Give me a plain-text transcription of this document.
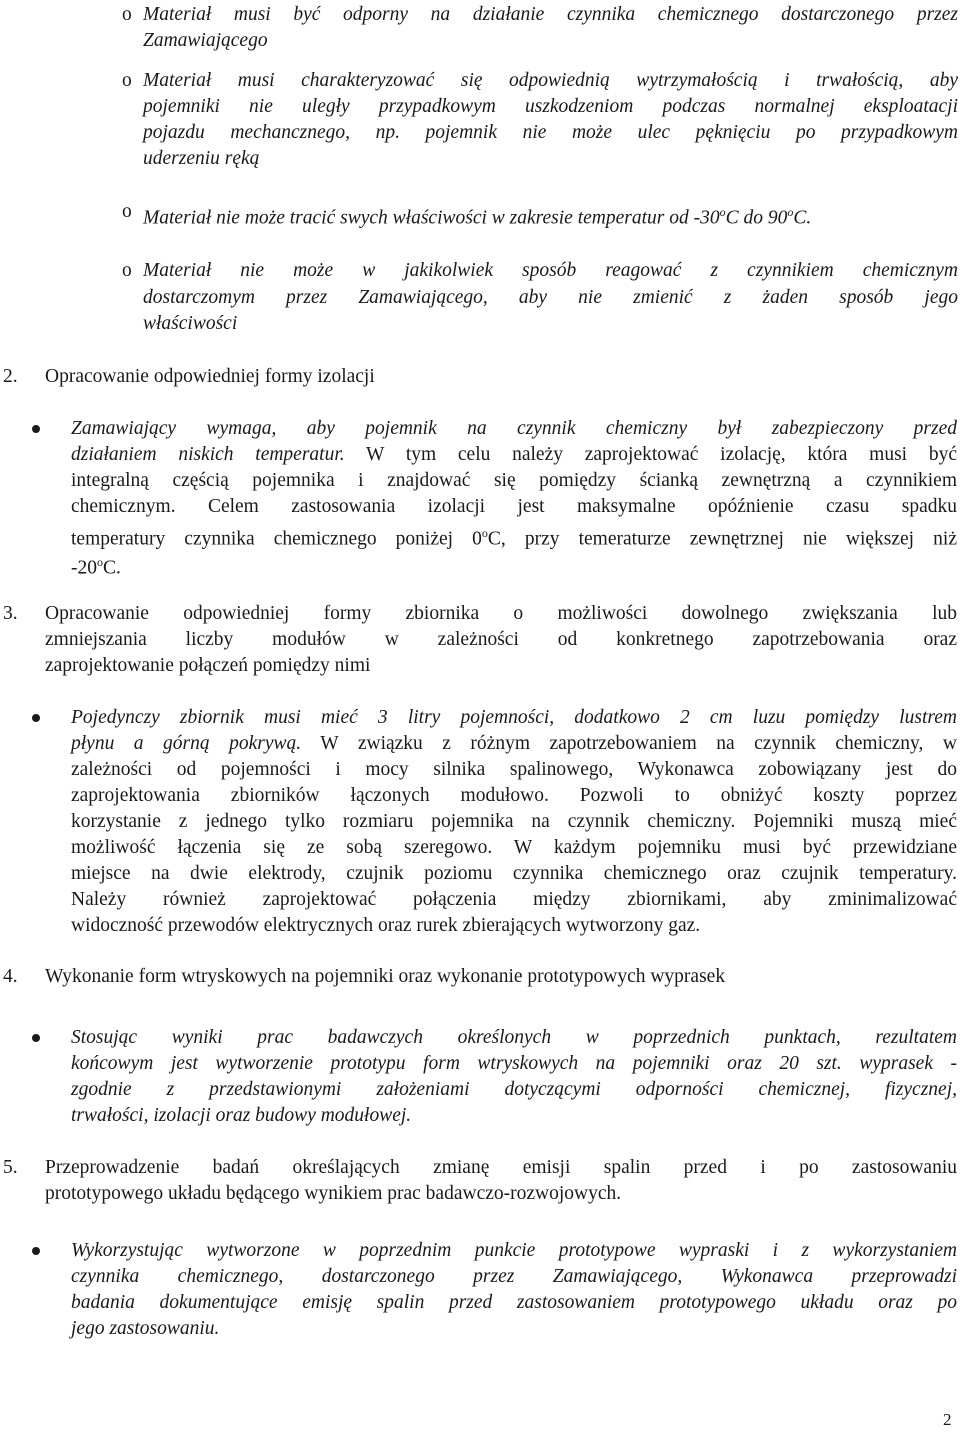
o Materiał musi być odporny na działanie czynnika chemicznego dostarczonego przez
Zamawiającego
o Materiał musi charakteryzować się odpowiednią wytrzymałością i trwałością, aby
pojemniki nie uległy przypadkowym uszkodzeniom podczas normalnej eksploatacji
pojazdu mechancznego, np. pojemnik nie może ulec pęknięciu po przypadkowym
uderzeniu ręką
o Materiał nie może tracić swych właściwości w zakresie temperatur od -30$^o$C do 90$^o$C.
o Materiał nie może w jakikolwiek sposób reagować z czynnikiem chemicznym
dostarczomym przez Zamawiającego, aby nie zmienić z żaden sposób jego
właściwości
2. Opracowanie odpowiedniej formy izolacji
Zamawiający wymaga, aby pojemnik na czynnik chemiczny był zabezpieczony przed
działaniem niskich temperatur. W tym celu należy zaprojektować izolację, która musi być
integralną częścią pojemnika i znajdować się pomiędzy ścianką zewnętrzną a czynnikiem
chemicznym. Celem zastosowania izolacji jest maksymalne opóźnienie czasu spadku
temperatury czynnika chemicznego poniżej 0$^o$C, przy temeraturze zewnętrznej nie większej niż
-20$^o$C.
3. Opracowanie odpowiedniej formy zbiornika o możliwości dowolnego zwiększania lub
zmniejszania liczby modułów w zależności od konkretnego zapotrzebowania oraz
zaprojektowanie połączeń pomiędzy nimi
Pojedynczy zbiornik musi mieć 3 litry pojemności, dodatkowo 2 cm luzu pomiędzy lustrem
płynu a górną pokrywą. W związku z różnym zapotrzebowaniem na czynnik chemiczny, w
zależności od pojemności i mocy silnika spalinowego, Wykonawca zobowiązany jest do
zaprojektowania zbiorników łączonych modułowo. Pozwoli to obniżyć koszty poprzez
korzystanie z jednego tylko rozmiaru pojemnika na czynnik chemiczny. Pojemniki muszą mieć
możliwość łączenia się ze sobą szeregowo. W każdym pojemniku musi być przewidziane
miejsce na dwie elektrody, czujnik poziomu czynnika chemicznego oraz czujnik temperatury.
Należy również zaprojektować połączenia między zbiornikami, aby zminimalizować
widoczność przewodów elektrycznych oraz rurek zbierających wytworzony gaz.
4. Wykonanie form wtryskowych na pojemniki oraz wykonanie prototypowych wyprasek
Stosując wyniki prac badawczych określonych w poprzednich punktach, rezultatem
końcowym jest wytworzenie prototypu form wtryskowych na pojemniki oraz 20 szt. wyprasek -
zgodnie z przedstawionymi założeniami dotyczącymi odporności chemicznej, fizycznej,
trwałości, izolacji oraz budowy modułowej.
5. Przeprowadzenie badań określających zmianę emisji spalin przed i po zastosowaniu
prototypowego układu będącego wynikiem prac badawczo-rozwojowych.
Wykorzystując wytworzone w poprzednim punkcie prototypowe wypraski i z wykorzystaniem
czynnika chemicznego, dostarczonego przez Zamawiającego, Wykonawca przeprowadzi
badania dokumentujące emisję spalin przed zastosowaniem prototypowego układu oraz po
jego zastosowaniu.
2
